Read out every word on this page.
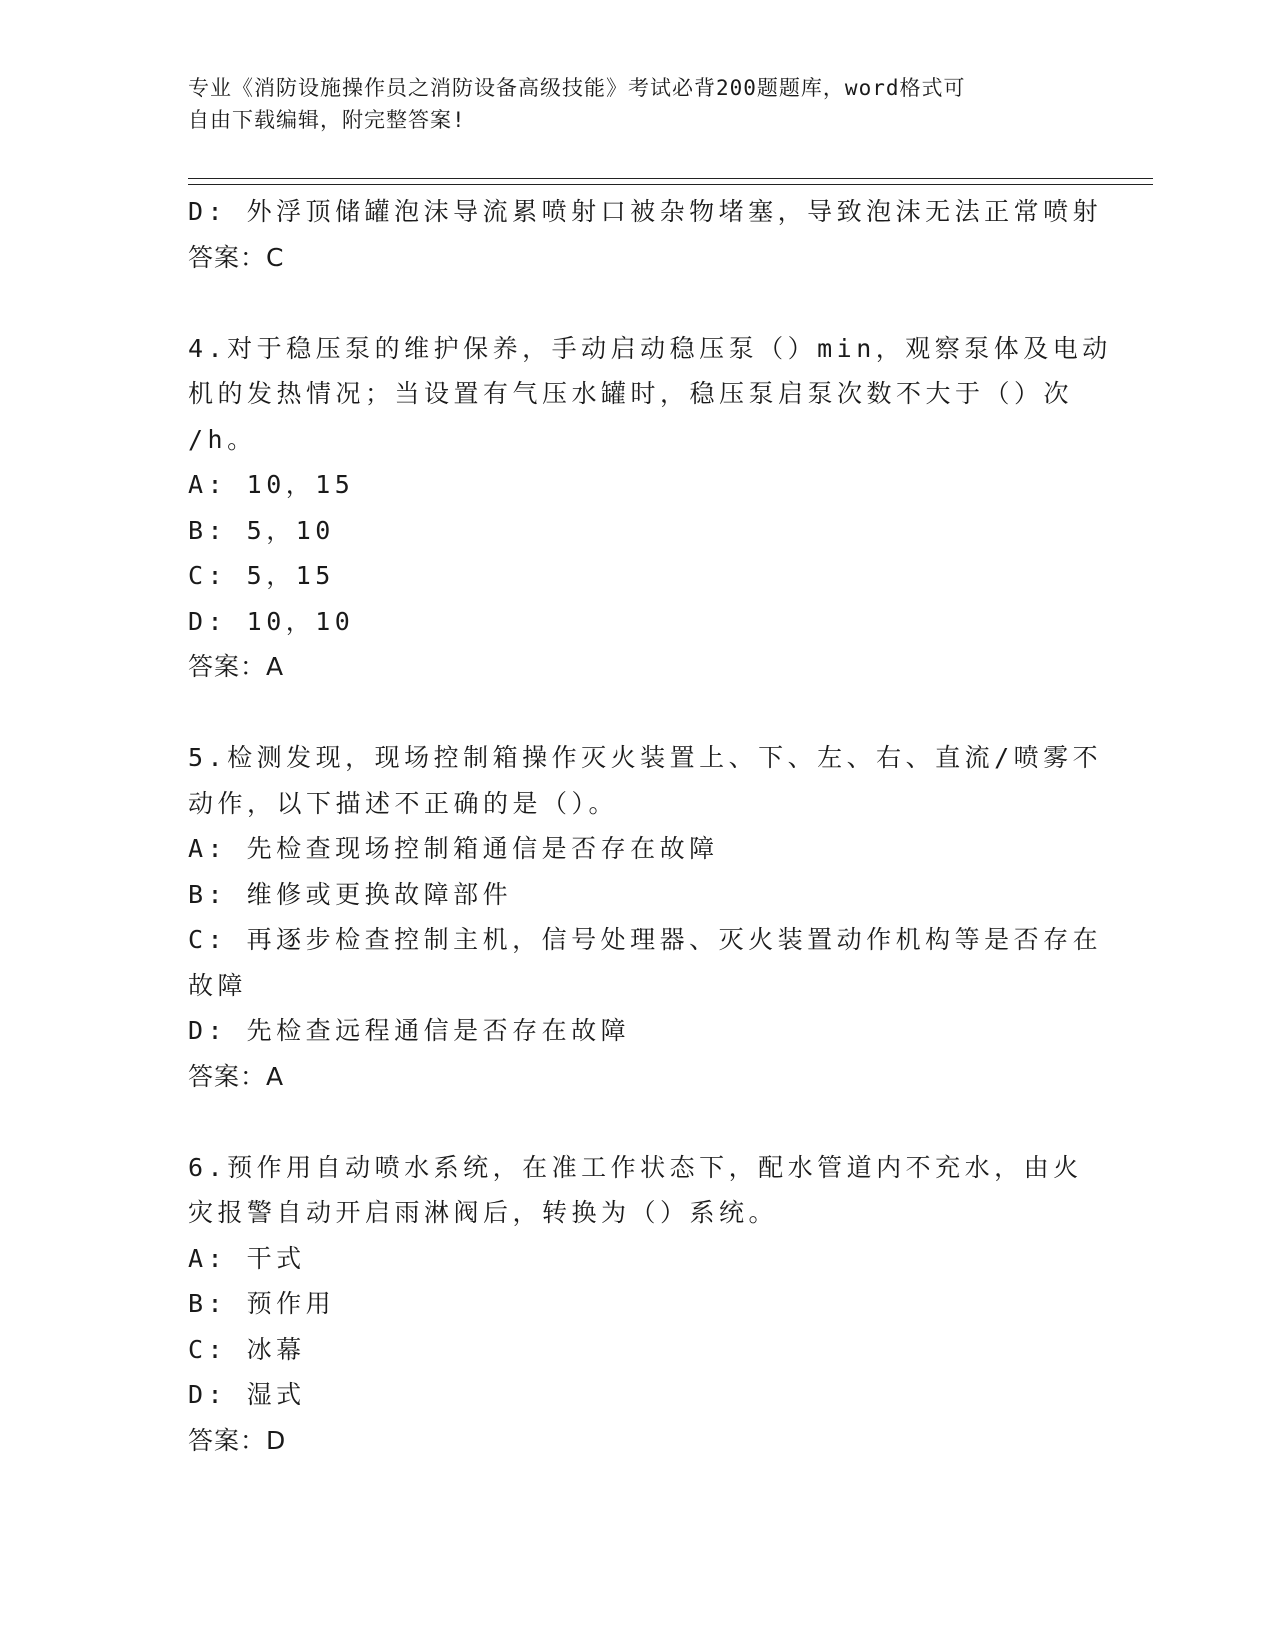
专业《消防设施操作员之消防设备高级技能》考试必背200题题库，word格式可
自由下载编辑，附完整答案!
D: 外浮顶储罐泡沫导流累喷射口被杂物堵塞，导致泡沫无法正常喷射
答案：C
4.对于稳压泵的维护保养，手动启动稳压泵（）min，观察泵体及电动
机的发热情况；当设置有气压水罐时，稳压泵启泵次数不大于（）次
/h。
A: 10，15
B: 5，10
C: 5，15
D: 10，10
答案：A
5.检测发现，现场控制箱操作灭火装置上、下、左、右、直流/喷雾不
动作，以下描述不正确的是（）。
A: 先检查现场控制箱通信是否存在故障
B: 维修或更换故障部件
C: 再逐步检查控制主机，信号处理器、灭火装置动作机构等是否存在
故障
D: 先检查远程通信是否存在故障
答案：A
6.预作用自动喷水系统，在准工作状态下，配水管道内不充水，由火
灾报警自动开启雨淋阀后，转换为（）系统。
A: 干式
B: 预作用
C: 冰幕
D: 湿式
答案：D
